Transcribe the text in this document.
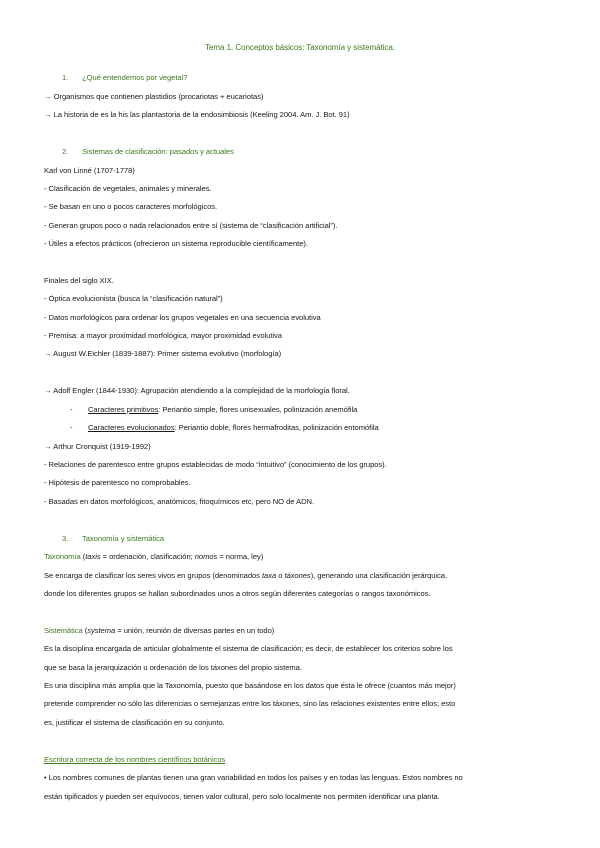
Tema 1. Conceptos básicos: Taxonomía y sistemática.
1. ¿Qué entendemos por vegetal?
→ Organismos que contienen plastidios (procariotas + eucariotas)
→ La historia de es la his las plantastoria de la endosimbiosis (Keeling 2004. Am. J. Bot. 91)
2. Sistemas de clasificación: pasados y actuales
Karl von Linné (1707-1778)
- Clasificación de vegetales, animales y minerales.
- Se basan en uno o pocos caracteres morfológicos.
- Generan grupos poco o nada relacionados entre sí (sistema de “clasificación artificial”).
- Útiles a efectos prácticos (ofrecieron un sistema reproducible científicamente).
Finales del siglo XIX.
- Óptica evolucionista (busca la “clasificación natural”)
- Datos morfológicos para ordenar los grupos vegetales en una secuencia evolutiva
- Premisa: a mayor proximidad morfológica, mayor proximidad evolutiva
→ August W.Eichler (1839-1887): Primer sistema evolutivo (morfología)
→ Adolf Engler (1844-1930): Agrupación atendiendo a la complejidad de la morfología floral.
- Caracteres primitivos: Periantio simple, flores unisexuales, polinización anemófila
- Caracteres evolucionados: Periantio doble, flores hermafroditas, polinización entomófila
→ Arthur Cronquist (1919-1992)
- Relaciones de parentesco entre grupos establecidas de modo “intuitivo” (conocimiento de los grupos).
- Hipótesis de parentesco no comprobables.
- Basadas en datos morfológicos, anatómicos, fitoquímicos etc, pero NO de ADN.
3. Taxonomía y sistemática
Taxonomía (taxis = ordenación, clasificación; nomos = norma, ley)
Se encarga de clasificar los seres vivos en grupos (denominados taxa o táxones), generando una clasificación jerárquica,
donde los diferentes grupos se hallan subordinados unos a otros según diferentes categorías o rangos taxonómicos.
Sistemática (systema = unión, reunión de diversas partes en un todo)
Es la disciplina encargada de articular globalmente el sistema de clasificación; es decir, de establecer los criterios sobre los
que se basa la jerarquización u ordenación de los táxones del propio sistema.
Es una disciplina más amplia que la Taxonomía, puesto que basándose en los datos que ésta le ofrece (cuantos más mejor)
pretende comprender no sólo las diferencias o semejanzas entre los táxones, sino las relaciones existentes entre ellos; esto
es, justificar el sistema de clasificación en su conjunto.
Escritura correcta de los nombres científicos botánicos
• Los nombres comunes de plantas tienen una gran variabilidad en todos los países y en todas las lenguas. Estos nombres no
están tipificados y pueden ser equívocos, tienen valor cultural, pero solo localmente nos permiten identificar una planta.
